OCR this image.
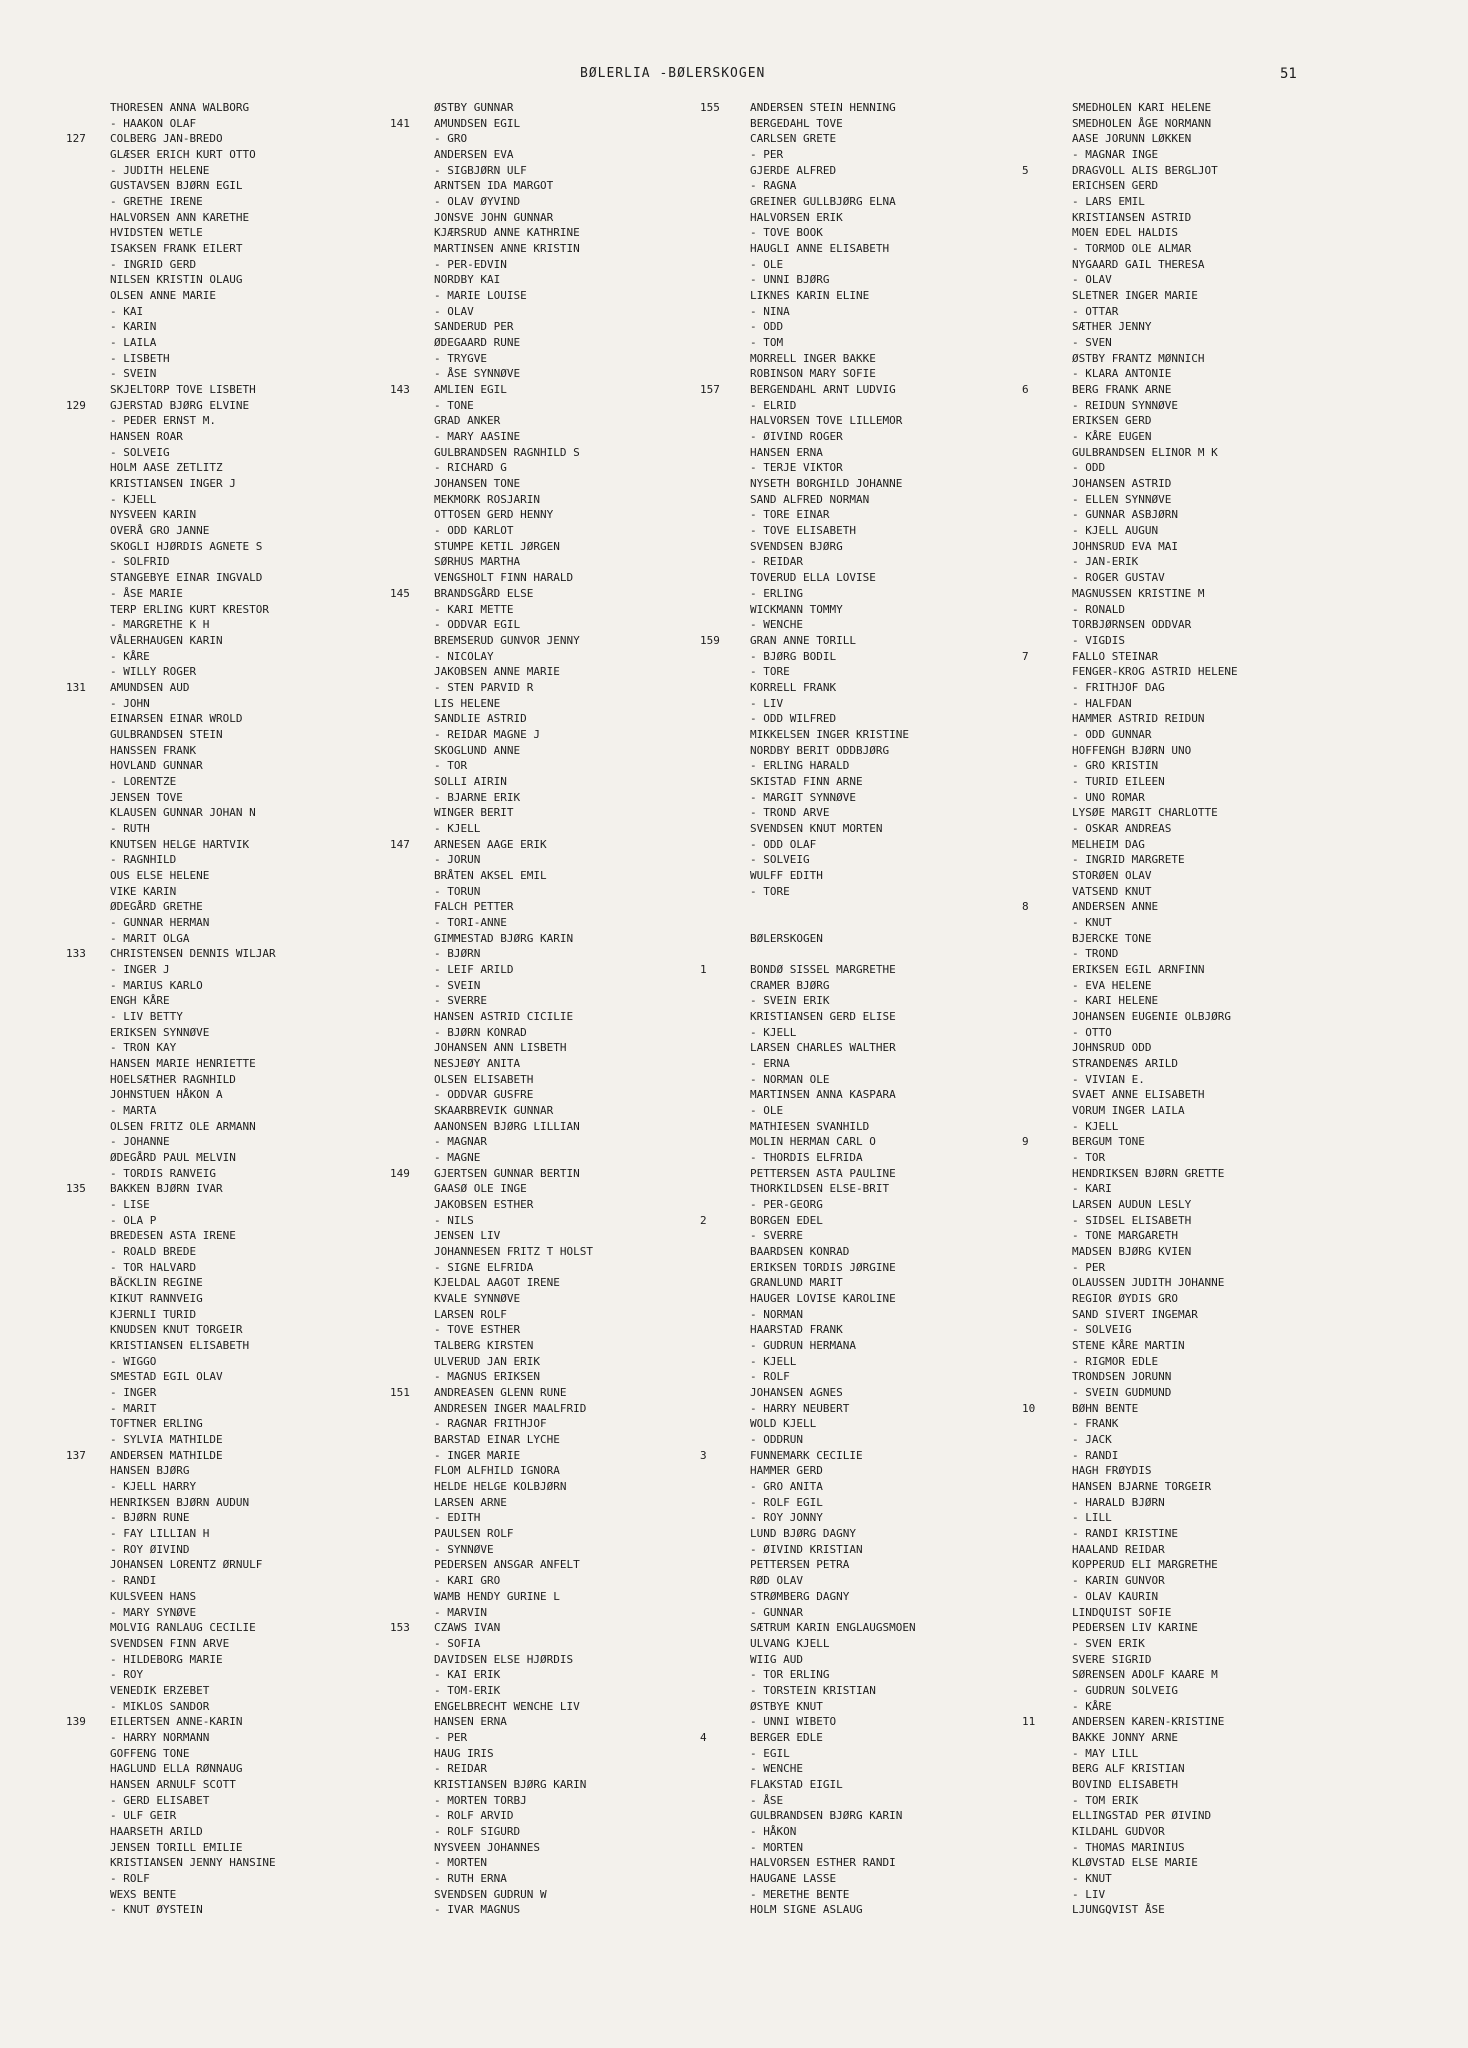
BØLERLIA -BØLERSKOGEN	51
THORESEN ANNA WALBORG
- HAAKON OLAF
127	COLBERG JAN-BREDO
GLÆSER ERICH KURT OTTO
- JUDITH HELENE
GUSTAVSEN BJØRN EGIL
- GRETHE IRENE
HALVORSEN ANN KARETHE
HVIDSTEN WETLE
ISAKSEN FRANK EILERT
- INGRID GERD
NILSEN KRISTIN OLAUG
OLSEN ANNE MARIE
- KAI
- KARIN
- LAILA
- LISBETH
- SVEIN
SKJELTORP TOVE LISBETH
129	GJERSTAD BJØRG ELVINE
- PEDER ERNST M.
HANSEN ROAR
- SOLVEIG
HOLM AASE ZETLITZ
KRISTIANSEN INGER J
- KJELL
NYSVEEN KARIN
OVERÅ GRO JANNE
SKOGLI HJØRDIS AGNETE S
- SOLFRID
STANGEBYE EINAR INGVALD
- ÅSE MARIE
TERP ERLING KURT KRESTOR
- MARGRETHE K H
VÅLERHAUGEN KARIN
- KÅRE
- WILLY ROGER
131	AMUNDSEN AUD
- JOHN
EINARSEN EINAR WROLD
GULBRANDSEN STEIN
HANSSEN FRANK
HOVLAND GUNNAR
- LORENTZE
JENSEN TOVE
KLAUSEN GUNNAR JOHAN N
- RUTH
KNUTSEN HELGE HARTVIK
- RAGNHILD
OUS ELSE HELENE
VIKE KARIN
ØDEGÅRD GRETHE
- GUNNAR HERMAN
- MARIT OLGA
133	CHRISTENSEN DENNIS WILJAR
- INGER J
- MARIUS KARLO
ENGH KÅRE
- LIV BETTY
ERIKSEN SYNNØVE
- TRON KAY
HANSEN MARIE HENRIETTE
HOELSÆTHER RAGNHILD
JOHNSTUEN HÅKON A
- MARTA
OLSEN FRITZ OLE ARMANN
- JOHANNE
ØDEGÅRD PAUL MELVIN
- TORDIS RANVEIG
135	BAKKEN BJØRN IVAR
- LISE
- OLA P
BREDESEN ASTA IRENE
- ROALD BREDE
- TOR HALVARD
BÄCKLIN REGINE
KIKUT RANNVEIG
KJERNLI TURID
KNUDSEN KNUT TORGEIR
KRISTIANSEN ELISABETH
- WIGGO
SMESTAD EGIL OLAV
- INGER
- MARIT
TOFTNER ERLING
- SYLVIA MATHILDE
137	ANDERSEN MATHILDE
HANSEN BJØRG
- KJELL HARRY
HENRIKSEN BJØRN AUDUN
- BJØRN RUNE
- FAY LILLIAN H
- ROY ØIVIND
JOHANSEN LORENTZ ØRNULF
- RANDI
KULSVEEN HANS
- MARY SYNØVE
MOLVIG RANLAUG CECILIE
SVENDSEN FINN ARVE
- HILDEBORG MARIE
- ROY
VENEDIK ERZEBET
- MIKLOS SANDOR
139	EILERTSEN ANNE-KARIN
- HARRY NORMANN
GOFFENG TONE
HAGLUND ELLA RØNNAUG
HANSEN ARNULF SCOTT
- GERD ELISABET
- ULF GEIR
HAARSETH ARILD
JENSEN TORILL EMILIE
KRISTIANSEN JENNY HANSINE
- ROLF
WEXS BENTE
- KNUT ØYSTEIN
ØSTBY GUNNAR
141	AMUNDSEN EGIL
- GRO
ANDERSEN EVA
- SIGBJØRN ULF
ARNTSEN IDA MARGOT
- OLAV ØYVIND
JONSVE JOHN GUNNAR
KJÆRSRUD ANNE KATHRINE
MARTINSEN ANNE KRISTIN
- PER-EDVIN
NORDBY KAI
- MARIE LOUISE
- OLAV
SANDERUD PER
ØDEGAARD RUNE
- TRYGVE
- ÅSE SYNNØVE
143	AMLIEN EGIL
- TONE
GRAD ANKER
- MARY AASINE
GULBRANDSEN RAGNHILD S
- RICHARD G
JOHANSEN TONE
MEKMORK ROSJARIN
OTTOSEN GERD HENNY
- ODD KARLOT
STUMPE KETIL JØRGEN
SØRHUS MARTHA
VENGSHOLT FINN HARALD
145	BRANDSGÅRD ELSE
- KARI METTE
- ODDVAR EGIL
BREMSERUD GUNVOR JENNY
- NICOLAY
JAKOBSEN ANNE MARIE
- STEN PARVID R
LIS HELENE
SANDLIE ASTRID
- REIDAR MAGNE J
SKOGLUND ANNE
- TOR
SOLLI AIRIN
- BJARNE ERIK
WINGER BERIT
- KJELL
147	ARNESEN AAGE ERIK
- JORUN
BRÅTEN AKSEL EMIL
- TORUN
FALCH PETTER
- TORI-ANNE
GIMMESTAD BJØRG KARIN
- BJØRN
- LEIF ARILD
- SVEIN
- SVERRE
HANSEN ASTRID CICILIE
- BJØRN KONRAD
JOHANSEN ANN LISBETH
NESJEØY ANITA
OLSEN ELISABETH
- ODDVAR GUSFRE
SKAARBREVIK GUNNAR
AANONSEN BJØRG LILLIAN
- MAGNAR
- MAGNE
149	GJERTSEN GUNNAR BERTIN
GAASØ OLE INGE
JAKOBSEN ESTHER
- NILS
JENSEN LIV
JOHANNESEN FRITZ T HOLST
- SIGNE ELFRIDA
KJELDAL AAGOT IRENE
KVALE SYNNØVE
LARSEN ROLF
- TOVE ESTHER
TALBERG KIRSTEN
ULVERUD JAN ERIK
- MAGNUS ERIKSEN
151	ANDREASEN GLENN RUNE
ANDRESEN INGER MAALFRID
- RAGNAR FRITHJOF
BARSTAD EINAR LYCHE
- INGER MARIE
FLOM ALFHILD IGNORA
HELDE HELGE KOLBJØRN
LARSEN ARNE
- EDITH
PAULSEN ROLF
- SYNNØVE
PEDERSEN ANSGAR ANFELT
- KARI GRO
WAMB HENDY GURINE L
- MARVIN
153	CZAWS IVAN
- SOFIA
DAVIDSEN ELSE HJØRDIS
- KAI ERIK
- TOM-ERIK
ENGELBRECHT WENCHE LIV
HANSEN ERNA
- PER
HAUG IRIS
- REIDAR
KRISTIANSEN BJØRG KARIN
- MORTEN TORBJ
- ROLF ARVID
- ROLF SIGURD
NYSVEEN JOHANNES
- MORTEN
- RUTH ERNA
SVENDSEN GUDRUN W
- IVAR MAGNUS
155	ANDERSEN STEIN HENNING
BERGEDAHL TOVE
CARLSEN GRETE
- PER
GJERDE ALFRED
- RAGNA
GREINER GULLBJØRG ELNA
HALVORSEN ERIK
- TOVE BOOK
HAUGLI ANNE ELISABETH
- OLE
- UNNI BJØRG
LIKNES KARIN ELINE
- NINA
- ODD
- TOM
MORRELL INGER BAKKE
ROBINSON MARY SOFIE
157	BERGENDAHL ARNT LUDVIG
- ELRID
HALVORSEN TOVE LILLEMOR
- ØIVIND ROGER
HANSEN ERNA
- TERJE VIKTOR
NYSETH BORGHILD JOHANNE
SAND ALFRED NORMAN
- TORE EINAR
- TOVE ELISABETH
SVENDSEN BJØRG
- REIDAR
TOVERUD ELLA LOVISE
- ERLING
WICKMANN TOMMY
- WENCHE
159	GRAN ANNE TORILL
- BJØRG BODIL
- TORE
KORRELL FRANK
- LIV
- ODD WILFRED
MIKKELSEN INGER KRISTINE
NORDBY BERIT ODDBJØRG
- ERLING HARALD
SKISTAD FINN ARNE
- MARGIT SYNNØVE
- TROND ARVE
SVENDSEN KNUT MORTEN
- ODD OLAF
- SOLVEIG
WULFF EDITH
- TORE
BØLERSKOGEN
1	BONDØ SISSEL MARGRETHE
CRAMER BJØRG
- SVEIN ERIK
KRISTIANSEN GERD ELISE
- KJELL
LARSEN CHARLES WALTHER
- ERNA
- NORMAN OLE
MARTINSEN ANNA KASPARA
- OLE
MATHIESEN SVANHILD
MOLIN HERMAN CARL O
- THORDIS ELFRIDA
PETTERSEN ASTA PAULINE
THORKILDSEN ELSE-BRIT
- PER-GEORG
2	BORGEN EDEL
- SVERRE
BAARDSEN KONRAD
ERIKSEN TORDIS JØRGINE
GRANLUND MARIT
HAUGER LOVISE KAROLINE
- NORMAN
HAARSTAD FRANK
- GUDRUN HERMANA
- KJELL
- ROLF
JOHANSEN AGNES
- HARRY NEUBERT
WOLD KJELL
- ODDRUN
3	FUNNEMARK CECILIE
HAMMER GERD
- GRO ANITA
- ROLF EGIL
- ROY JONNY
LUND BJØRG DAGNY
- ØIVIND KRISTIAN
PETTERSEN PETRA
RØD OLAV
STRØMBERG DAGNY
- GUNNAR
SÆTRUM KARIN ENGLAUGSMOEN
ULVANG KJELL
WIIG AUD
- TOR ERLING
- TORSTEIN KRISTIAN
ØSTBYE KNUT
- UNNI WIBETO
4	BERGER EDLE
- EGIL
- WENCHE
FLAKSTAD EIGIL
- ÅSE
GULBRANDSEN BJØRG KARIN
- HÅKON
- MORTEN
HALVORSEN ESTHER RANDI
HAUGANE LASSE
- MERETHE BENTE
HOLM SIGNE ASLAUG
SMEDHOLEN KARI HELENE
SMEDHOLEN ÅGE NORMANN
AASE JORUNN LØKKEN
- MAGNAR INGE
5	DRAGVOLL ALIS BERGLJOT
ERICHSEN GERD
- LARS EMIL
KRISTIANSEN ASTRID
MOEN EDEL HALDIS
- TORMOD OLE ALMAR
NYGAARD GAIL THERESA
- OLAV
SLETNER INGER MARIE
- OTTAR
SÆTHER JENNY
- SVEN
ØSTBY FRANTZ MØNNICH
- KLARA ANTONIE
6	BERG FRANK ARNE
- REIDUN SYNNØVE
ERIKSEN GERD
- KÅRE EUGEN
GULBRANDSEN ELINOR M K
- ODD
JOHANSEN ASTRID
- ELLEN SYNNØVE
- GUNNAR ASBJØRN
- KJELL AUGUN
JOHNSRUD EVA MAI
- JAN-ERIK
- ROGER GUSTAV
MAGNUSSEN KRISTINE M
- RONALD
TORBJØRNSEN ODDVAR
- VIGDIS
7	FALLO STEINAR
FENGER-KROG ASTRID HELENE
- FRITHJOF DAG
- HALFDAN
HAMMER ASTRID REIDUN
- ODD GUNNAR
HOFFENGH BJØRN UNO
- GRO KRISTIN
- TURID EILEEN
- UNO ROMAR
LYSØE MARGIT CHARLOTTE
- OSKAR ANDREAS
MELHEIM DAG
- INGRID MARGRETE
STORØEN OLAV
VATSEND KNUT
8	ANDERSEN ANNE
- KNUT
BJERCKE TONE
- TROND
ERIKSEN EGIL ARNFINN
- EVA HELENE
- KARI HELENE
JOHANSEN EUGENIE OLBJØRG
- OTTO
JOHNSRUD ODD
STRANDENÆS ARILD
- VIVIAN E.
SVAET ANNE ELISABETH
VORUM INGER LAILA
- KJELL
9	BERGUM TONE
- TOR
HENDRIKSEN BJØRN GRETTE
- KARI
LARSEN AUDUN LESLY
- SIDSEL ELISABETH
- TONE MARGARETH
MADSEN BJØRG KVIEN
- PER
OLAUSSEN JUDITH JOHANNE
REGIOR ØYDIS GRO
SAND SIVERT INGEMAR
- SOLVEIG
STENE KÅRE MARTIN
- RIGMOR EDLE
TRONDSEN JORUNN
- SVEIN GUDMUND
10	BØHN BENTE
- FRANK
- JACK
- RANDI
HAGH FRØYDIS
HANSEN BJARNE TORGEIR
- HARALD BJØRN
- LILL
- RANDI KRISTINE
HAALAND REIDAR
KOPPERUD ELI MARGRETHE
- KARIN GUNVOR
- OLAV KAURIN
LINDQUIST SOFIE
PEDERSEN LIV KARINE
- SVEN ERIK
SVERE SIGRID
SØRENSEN ADOLF KAARE M
- GUDRUN SOLVEIG
- KÅRE
11	ANDERSEN KAREN-KRISTINE
BAKKE JONNY ARNE
- MAY LILL
BERG ALF KRISTIAN
BOVIND ELISABETH
- TOM ERIK
ELLINGSTAD PER ØIVIND
KILDAHL GUDVOR
- THOMAS MARINIUS
KLØVSTAD ELSE MARIE
- KNUT
- LIV
LJUNGQVIST ÅSE
